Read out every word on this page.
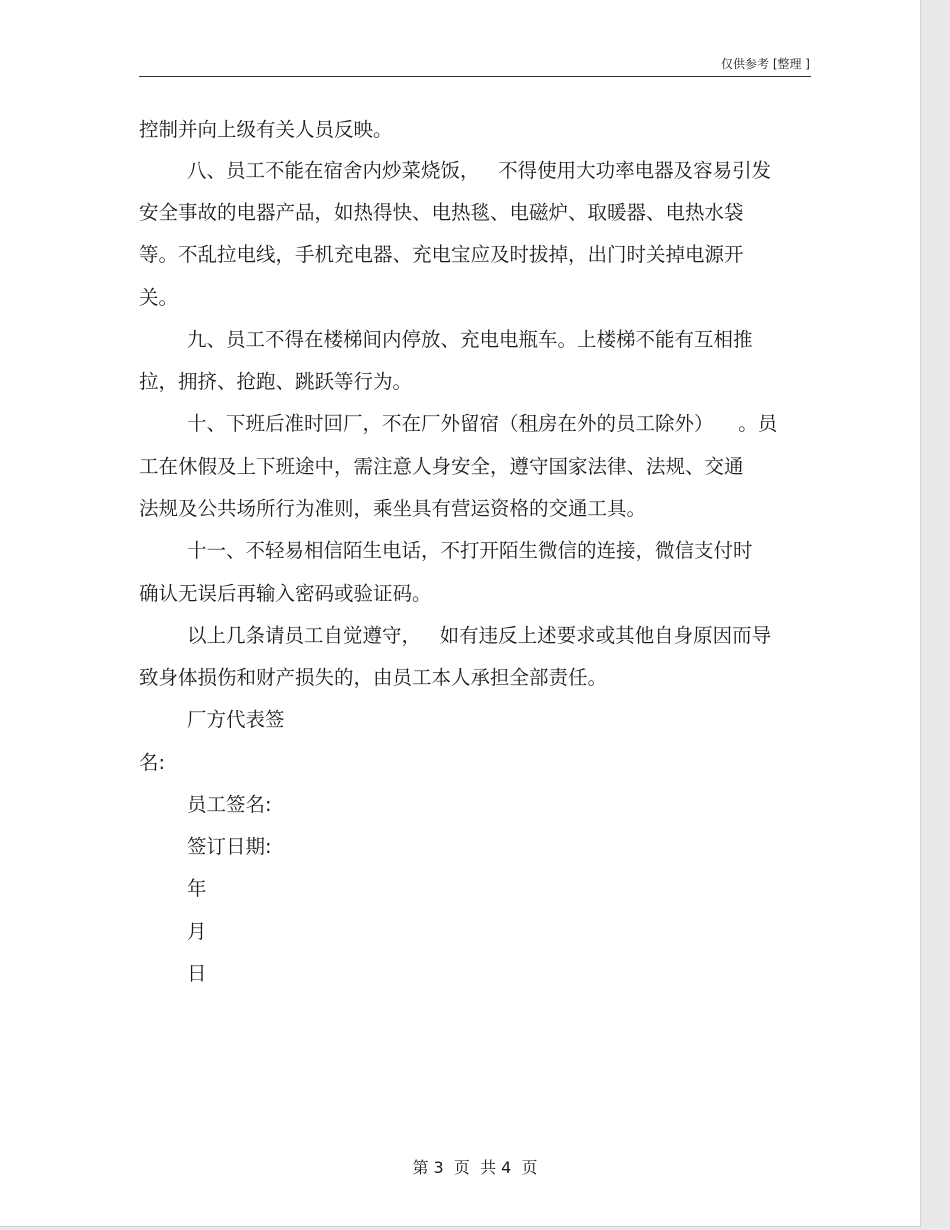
仅供参考 [整理 ]
控制并向上级有关人员反映。
八、员工不能在宿舍内炒菜烧饭，   不得使用大功率电器及容易引发
安全事故的电器产品，如热得快、电热毯、电磁炉、取暖器、电热水袋
等。不乱拉电线，手机充电器、充电宝应及时拔掉，出门时关掉电源开
关。
九、员工不得在楼梯间内停放、充电电瓶车。上楼梯不能有互相推
拉，拥挤、抢跑、跳跃等行为。
十、下班后准时回厂，不在厂外留宿（租房在外的员工除外）    。员
工在休假及上下班途中，需注意人身安全，遵守国家法律、法规、交通
法规及公共场所行为准则，乘坐具有营运资格的交通工具。
十一、不轻易相信陌生电话，不打开陌生微信的连接，微信支付时
确认无误后再输入密码或验证码。
以上几条请员工自觉遵守，   如有违反上述要求或其他自身原因而导
致身体损伤和财产损失的，由员工本人承担全部责任。
厂方代表签
名:
员工签名:
签订日期:
年
月
日
第 3  页  共 4  页
